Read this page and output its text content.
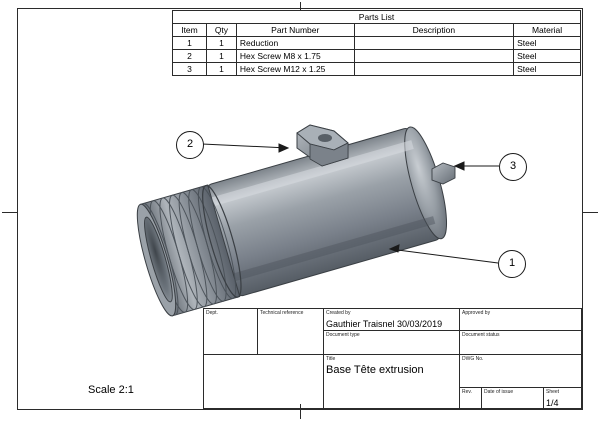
Parts List				
Item	Qty	Part Number	Description	Material
1	1	Reduction		Steel
2	1	Hex Screw M8 x 1.75		Steel
3	1	Hex Screw M12 x 1.25		Steel
1
2
3
Scale 2:1
Dept.	Technical reference	Created by
Gauthier Traisnel 30/03/2019
Approved by
Document type	Document status
Title
Base Tête extrusion
DWG No.
Rev.	Date of issue	Sheet
1/4
